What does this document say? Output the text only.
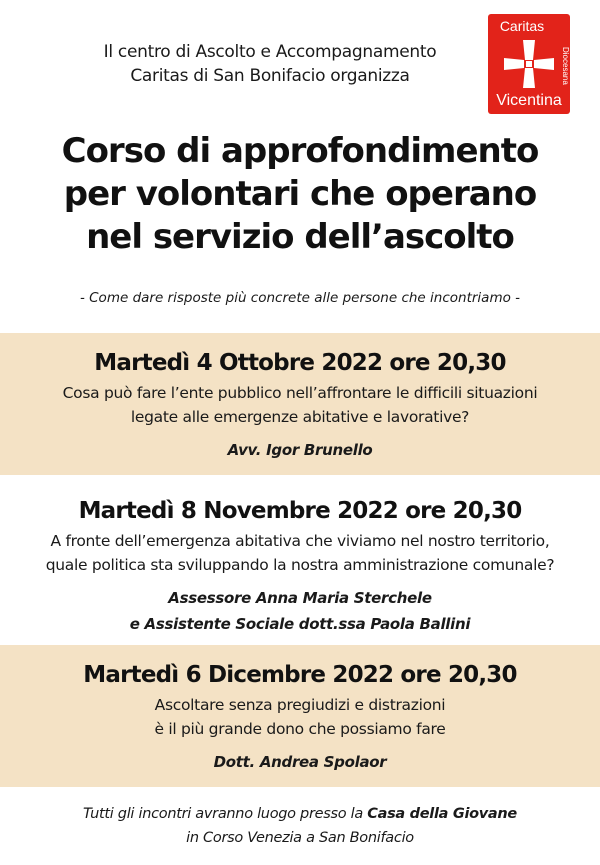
Il centro di Ascolto e Accompagnamento
Caritas di San Bonifacio organizza
Caritas
Diocesana
Vicentina
Corso di approfondimento
per volontari che operano
nel servizio dell’ascolto
- Come dare risposte più concrete alle persone che incontriamo -
Martedì 4 Ottobre 2022 ore 20,30
Cosa può fare l’ente pubblico nell’affrontare le difficili situazioni
legate alle emergenze abitative e lavorative?
Avv. Igor Brunello
Martedì 8 Novembre 2022 ore 20,30
A fronte dell’emergenza abitativa che viviamo nel nostro territorio,
quale politica sta sviluppando la nostra amministrazione comunale?
Assessore Anna Maria Sterchele
e Assistente Sociale dott.ssa Paola Ballini
Martedì 6 Dicembre 2022 ore 20,30
Ascoltare senza pregiudizi e distrazioni
è il più grande dono che possiamo fare
Dott. Andrea Spolaor
Tutti gli incontri avranno luogo presso la Casa della Giovane
in Corso Venezia a San Bonifacio
